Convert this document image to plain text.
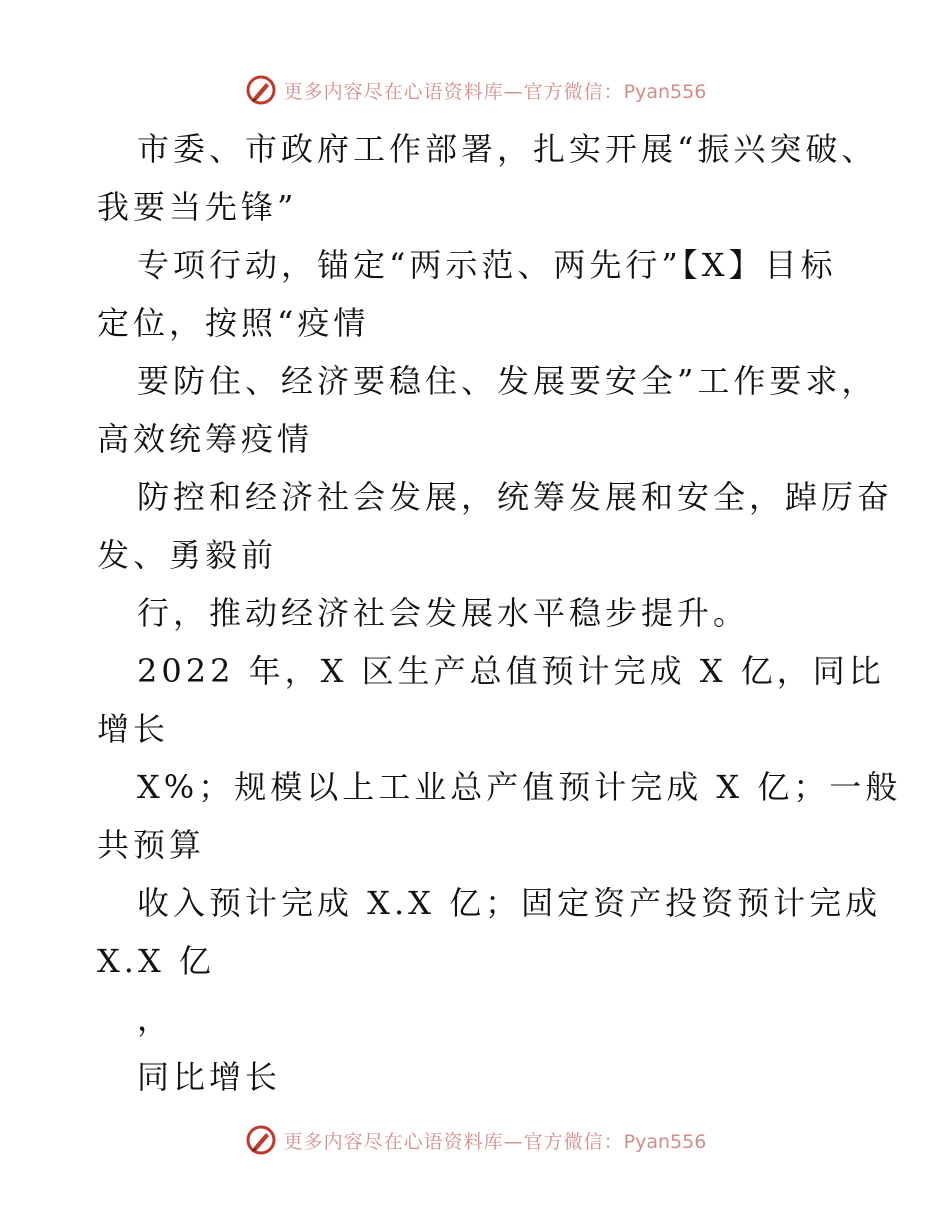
更多内容尽在心语资料库—官方微信：Pyan556
市委、市政府工作部署，扎实开展“振兴突破、
我要当先锋”
专项行动，锚定“两示范、两先行”【X】目标
定位，按照“疫情
要防住、经济要稳住、发展要安全”工作要求，
高效统筹疫情
防控和经济社会发展，统筹发展和安全，踔厉奋
发、勇毅前
行，推动经济社会发展水平稳步提升。
2022 年，X 区生产总值预计完成 X 亿，同比
增长
X%；规模以上工业总产值预计完成 X 亿；一般
共预算
收入预计完成 X.X 亿；固定资产投资预计完成
X.X 亿
，
同比增长
更多内容尽在心语资料库—官方微信：Pyan556
